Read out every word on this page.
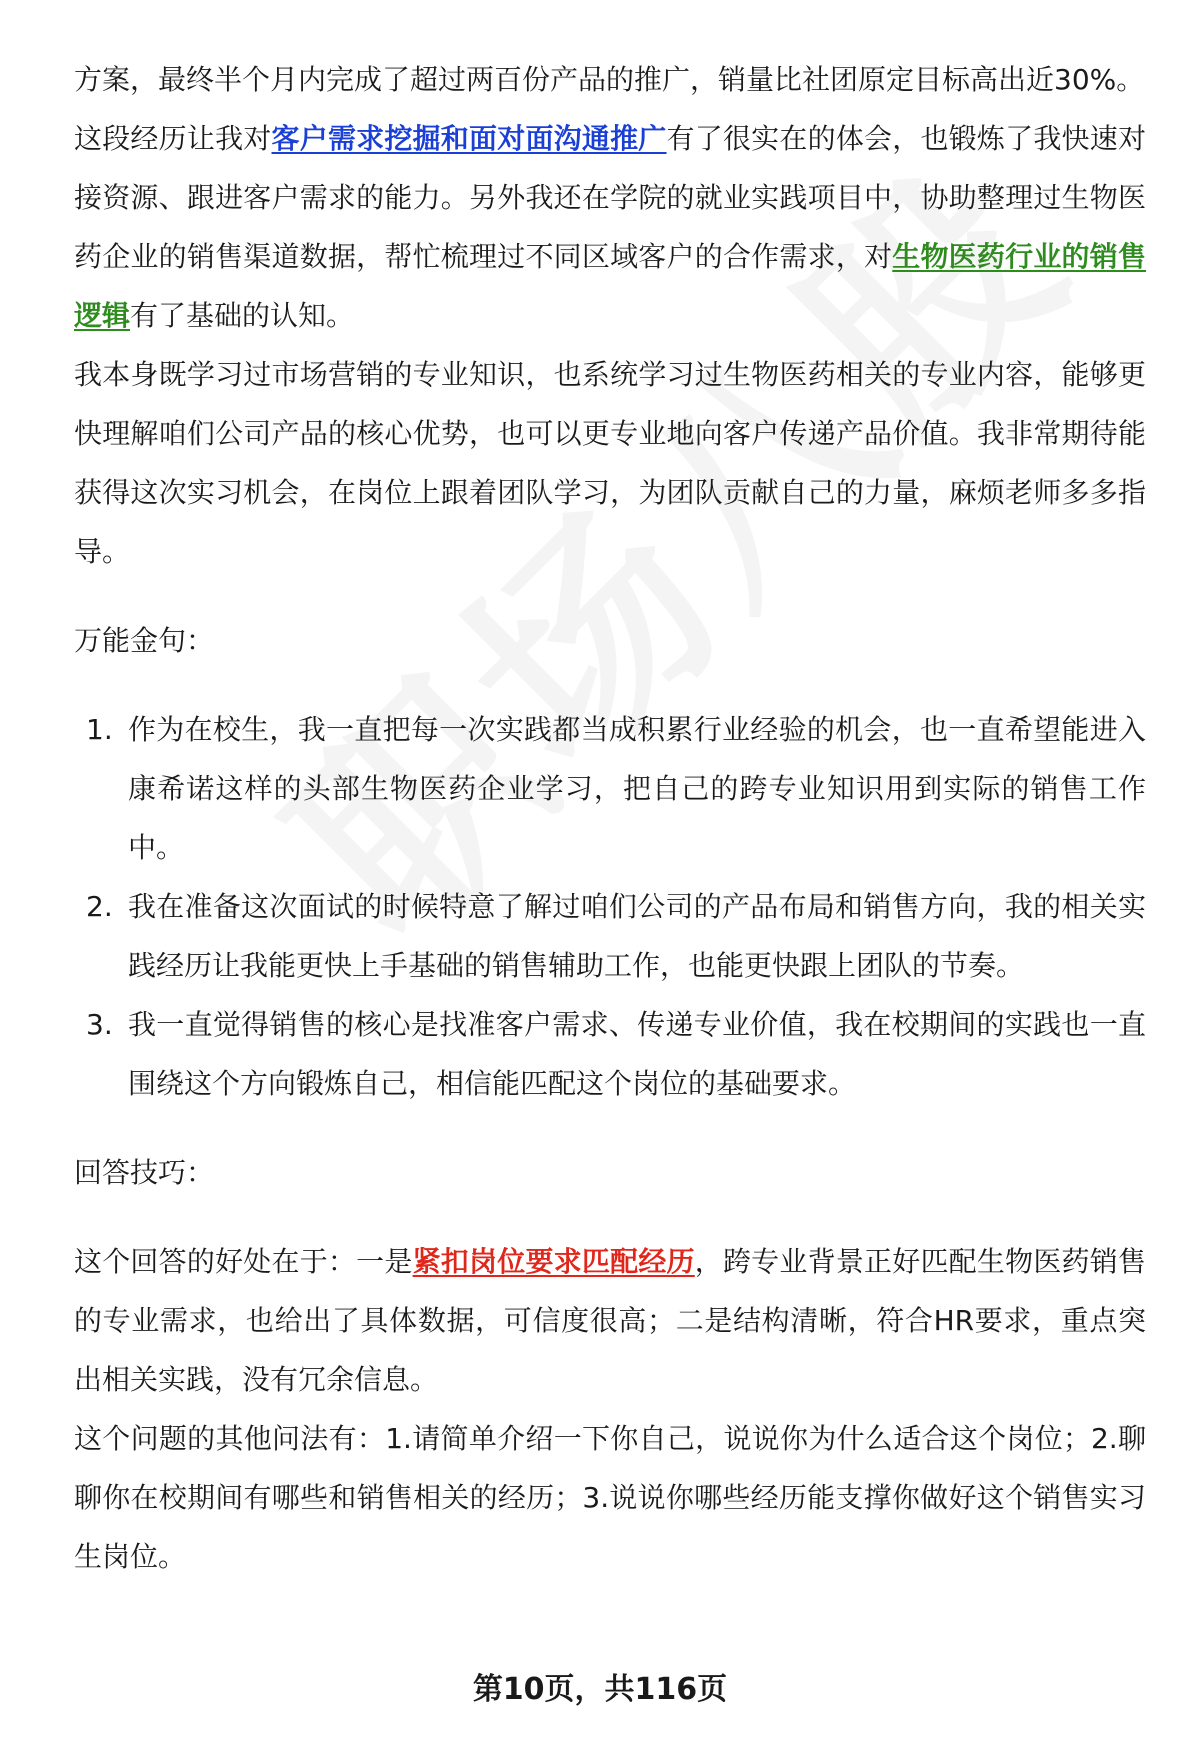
方案，最终半个月内完成了超过两百份产品的推广，销量比社团原定目标高出近30%。

这段经历让我对客户需求挖掘和面对面沟通推广有了很实在的体会，也锻炼了我快速对接资源、跟进客户需求的能力。另外我还在学院的就业实践项目中，协助整理过生物医药企业的销售渠道数据，帮忙梳理过不同区域客户的合作需求，对生物医药行业的销售逻辑有了基础的认知。

我本身既学习过市场营销的专业知识，也系统学习过生物医药相关的专业内容，能够更快理解咱们公司产品的核心优势，也可以更专业地向客户传递产品价值。我非常期待能获得这次实习机会，在岗位上跟着团队学习，为团队贡献自己的力量，麻烦老师多多指导。

万能金句：

1. 作为在校生，我一直把每一次实践都当成积累行业经验的机会，也一直希望能进入康希诺这样的头部生物医药企业学习，把自己的跨专业知识用到实际的销售工作中。
2. 我在准备这次面试的时候特意了解过咱们公司的产品布局和销售方向，我的相关实践经历让我能更快上手基础的销售辅助工作，也能更快跟上团队的节奏。
3. 我一直觉得销售的核心是找准客户需求、传递专业价值，我在校期间的实践也一直围绕这个方向锻炼自己，相信能匹配这个岗位的基础要求。

回答技巧：

这个回答的好处在于：一是紧扣岗位要求匹配经历，跨专业背景正好匹配生物医药销售的专业需求，也给出了具体数据，可信度很高；二是结构清晰，符合HR要求，重点突出相关实践，没有冗余信息。

这个问题的其他问法有：1.请简单介绍一下你自己，说说你为什么适合这个岗位；2.聊聊你在校期间有哪些和销售相关的经历；3.说说你哪些经历能支撑你做好这个销售实习生岗位。

第10页，共116页
